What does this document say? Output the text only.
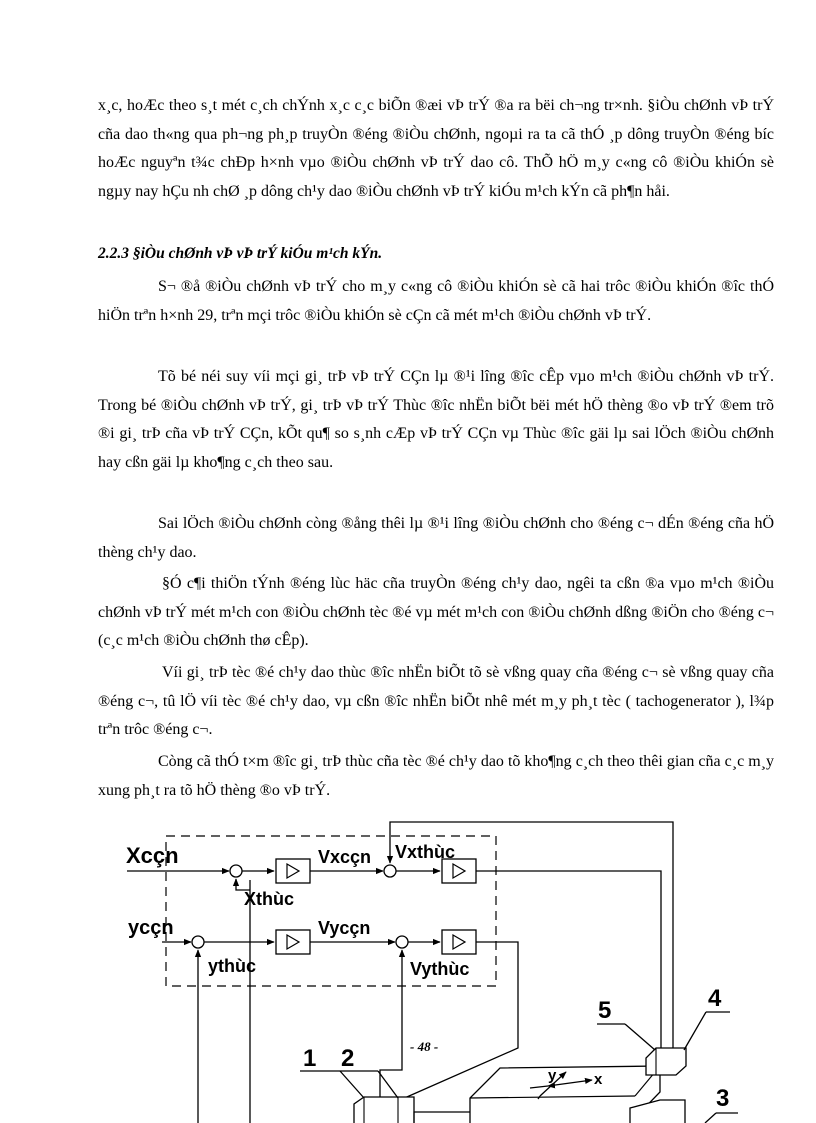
x¸c, hoÆc theo s¸t mét c¸ch chÝnh x¸c c¸c biÕn ®æi vÞ trÝ ®a ra bëi ch¬ng tr×nh. §iÒu chØnh vÞ trÝ cña dao th«ng qua ph¬ng ph¸p truyÒn ®éng ®iÒu chØnh, ngoµi ra ta cã thÓ ¸p dông truyÒn ®éng bíc hoÆc nguyªn t¾c chÐp h×nh vµo ®iÒu chØnh vÞ trÝ dao cô. ThÕ hÖ m¸y c«ng cô ®iÒu khiÓn sè ngµy nay hÇu nh chØ ¸p dông ch¹y dao ®iÒu chØnh vÞ trÝ kiÓu m¹ch kÝn cã ph¶n håi.

2.2.3 §iÒu chØnh vÞ vÞ trÝ kiÓu m¹ch kÝn.

S¬ ®å ®iÒu chØnh vÞ trÝ cho m¸y c«ng cô ®iÒu khiÓn sè cã hai trôc ®iÒu khiÓn ®îc thÓ hiÖn trªn h×nh 29, trªn mçi trôc ®iÒu khiÓn sè cÇn cã mét m¹ch ®iÒu chØnh vÞ trÝ.

Tõ bé néi suy víi mçi gi¸ trÞ vÞ trÝ CÇn lµ ®¹i lîng ®îc cÊp vµo m¹ch ®iÒu chØnh vÞ trÝ. Trong bé ®iÒu chØnh vÞ trÝ, gi¸ trÞ vÞ trÝ Thùc ®îc nhËn biÕt bëi mét hÖ thèng ®o vÞ trÝ ®em trõ ®i gi¸ trÞ cña vÞ trÝ CÇn, kÕt qu¶ so s¸nh cÆp vÞ trÝ CÇn vµ Thùc ®îc gäi lµ sai lÖch ®iÒu chØnh hay cßn gäi lµ kho¶ng c¸ch theo sau.

Sai lÖch ®iÒu chØnh còng ®ång thêi lµ ®¹i lîng ®iÒu chØnh cho ®éng c¬ dÉn ®éng cña hÖ thèng ch¹y dao.

§Ó c¶i thiÖn tÝnh ®éng lùc häc cña truyÒn ®éng ch¹y dao, ngêi ta cßn ®a vµo m¹ch ®iÒu chØnh vÞ trÝ mét m¹ch con ®iÒu chØnh tèc ®é vµ mét m¹ch con ®iÒu chØnh dßng ®iÖn cho ®éng c¬ (c¸c m¹ch ®iÒu chØnh thø cÊp).

Víi gi¸ trÞ tèc ®é ch¹y dao thùc ®îc nhËn biÕt tõ sè vßng quay cña ®éng c¬ sè vßng quay cña ®éng c¬, tû lÖ víi tèc ®é ch¹y dao, vµ cßn ®îc nhËn biÕt nhê mét m¸y ph¸t tèc ( tachogenerator ), l¾p trªn trôc ®éng c¬.

Còng cã thÓ t×m ®îc gi¸ trÞ thùc cña tèc ®é ch¹y dao tõ kho¶ng c¸ch theo thêi gian cña c¸c m¸y xung ph¸t ra tõ hÖ thèng ®o vÞ trÝ.

Xcçn
Xthùc
Vxcçn Vxthùc
ycçn
ythùc
Vycçn
Vythùc
y	x
1 2
3
4
5
- 48 -
